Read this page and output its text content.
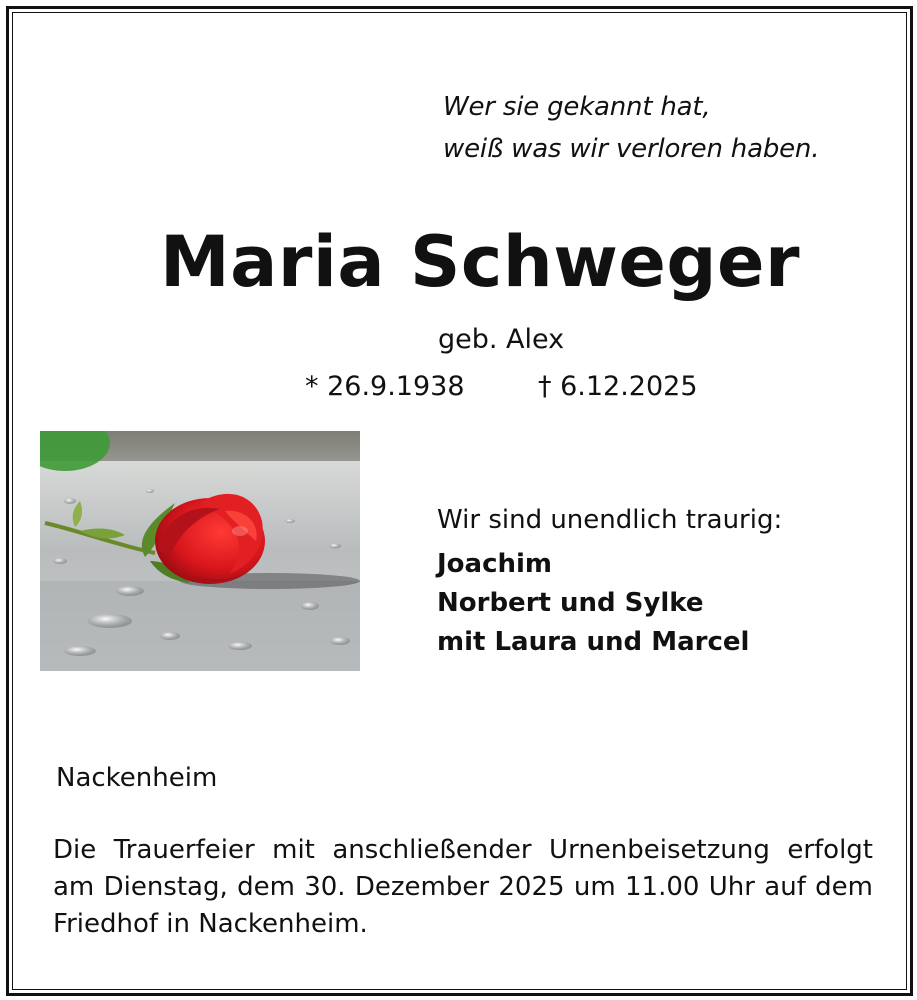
Wer sie gekannt hat,
weiß was wir verloren haben.
Maria Schweger
geb. Alex
* 26.9.1938	† 6.12.2025
Wir sind unendlich traurig:
Joachim
Norbert und Sylke
mit Laura und Marcel
Nackenheim
Die Trauerfeier mit anschließender Urnenbeisetzung erfolgt am Dienstag, dem 30. Dezember 2025 um 11.00 Uhr auf dem Friedhof in Nackenheim.
